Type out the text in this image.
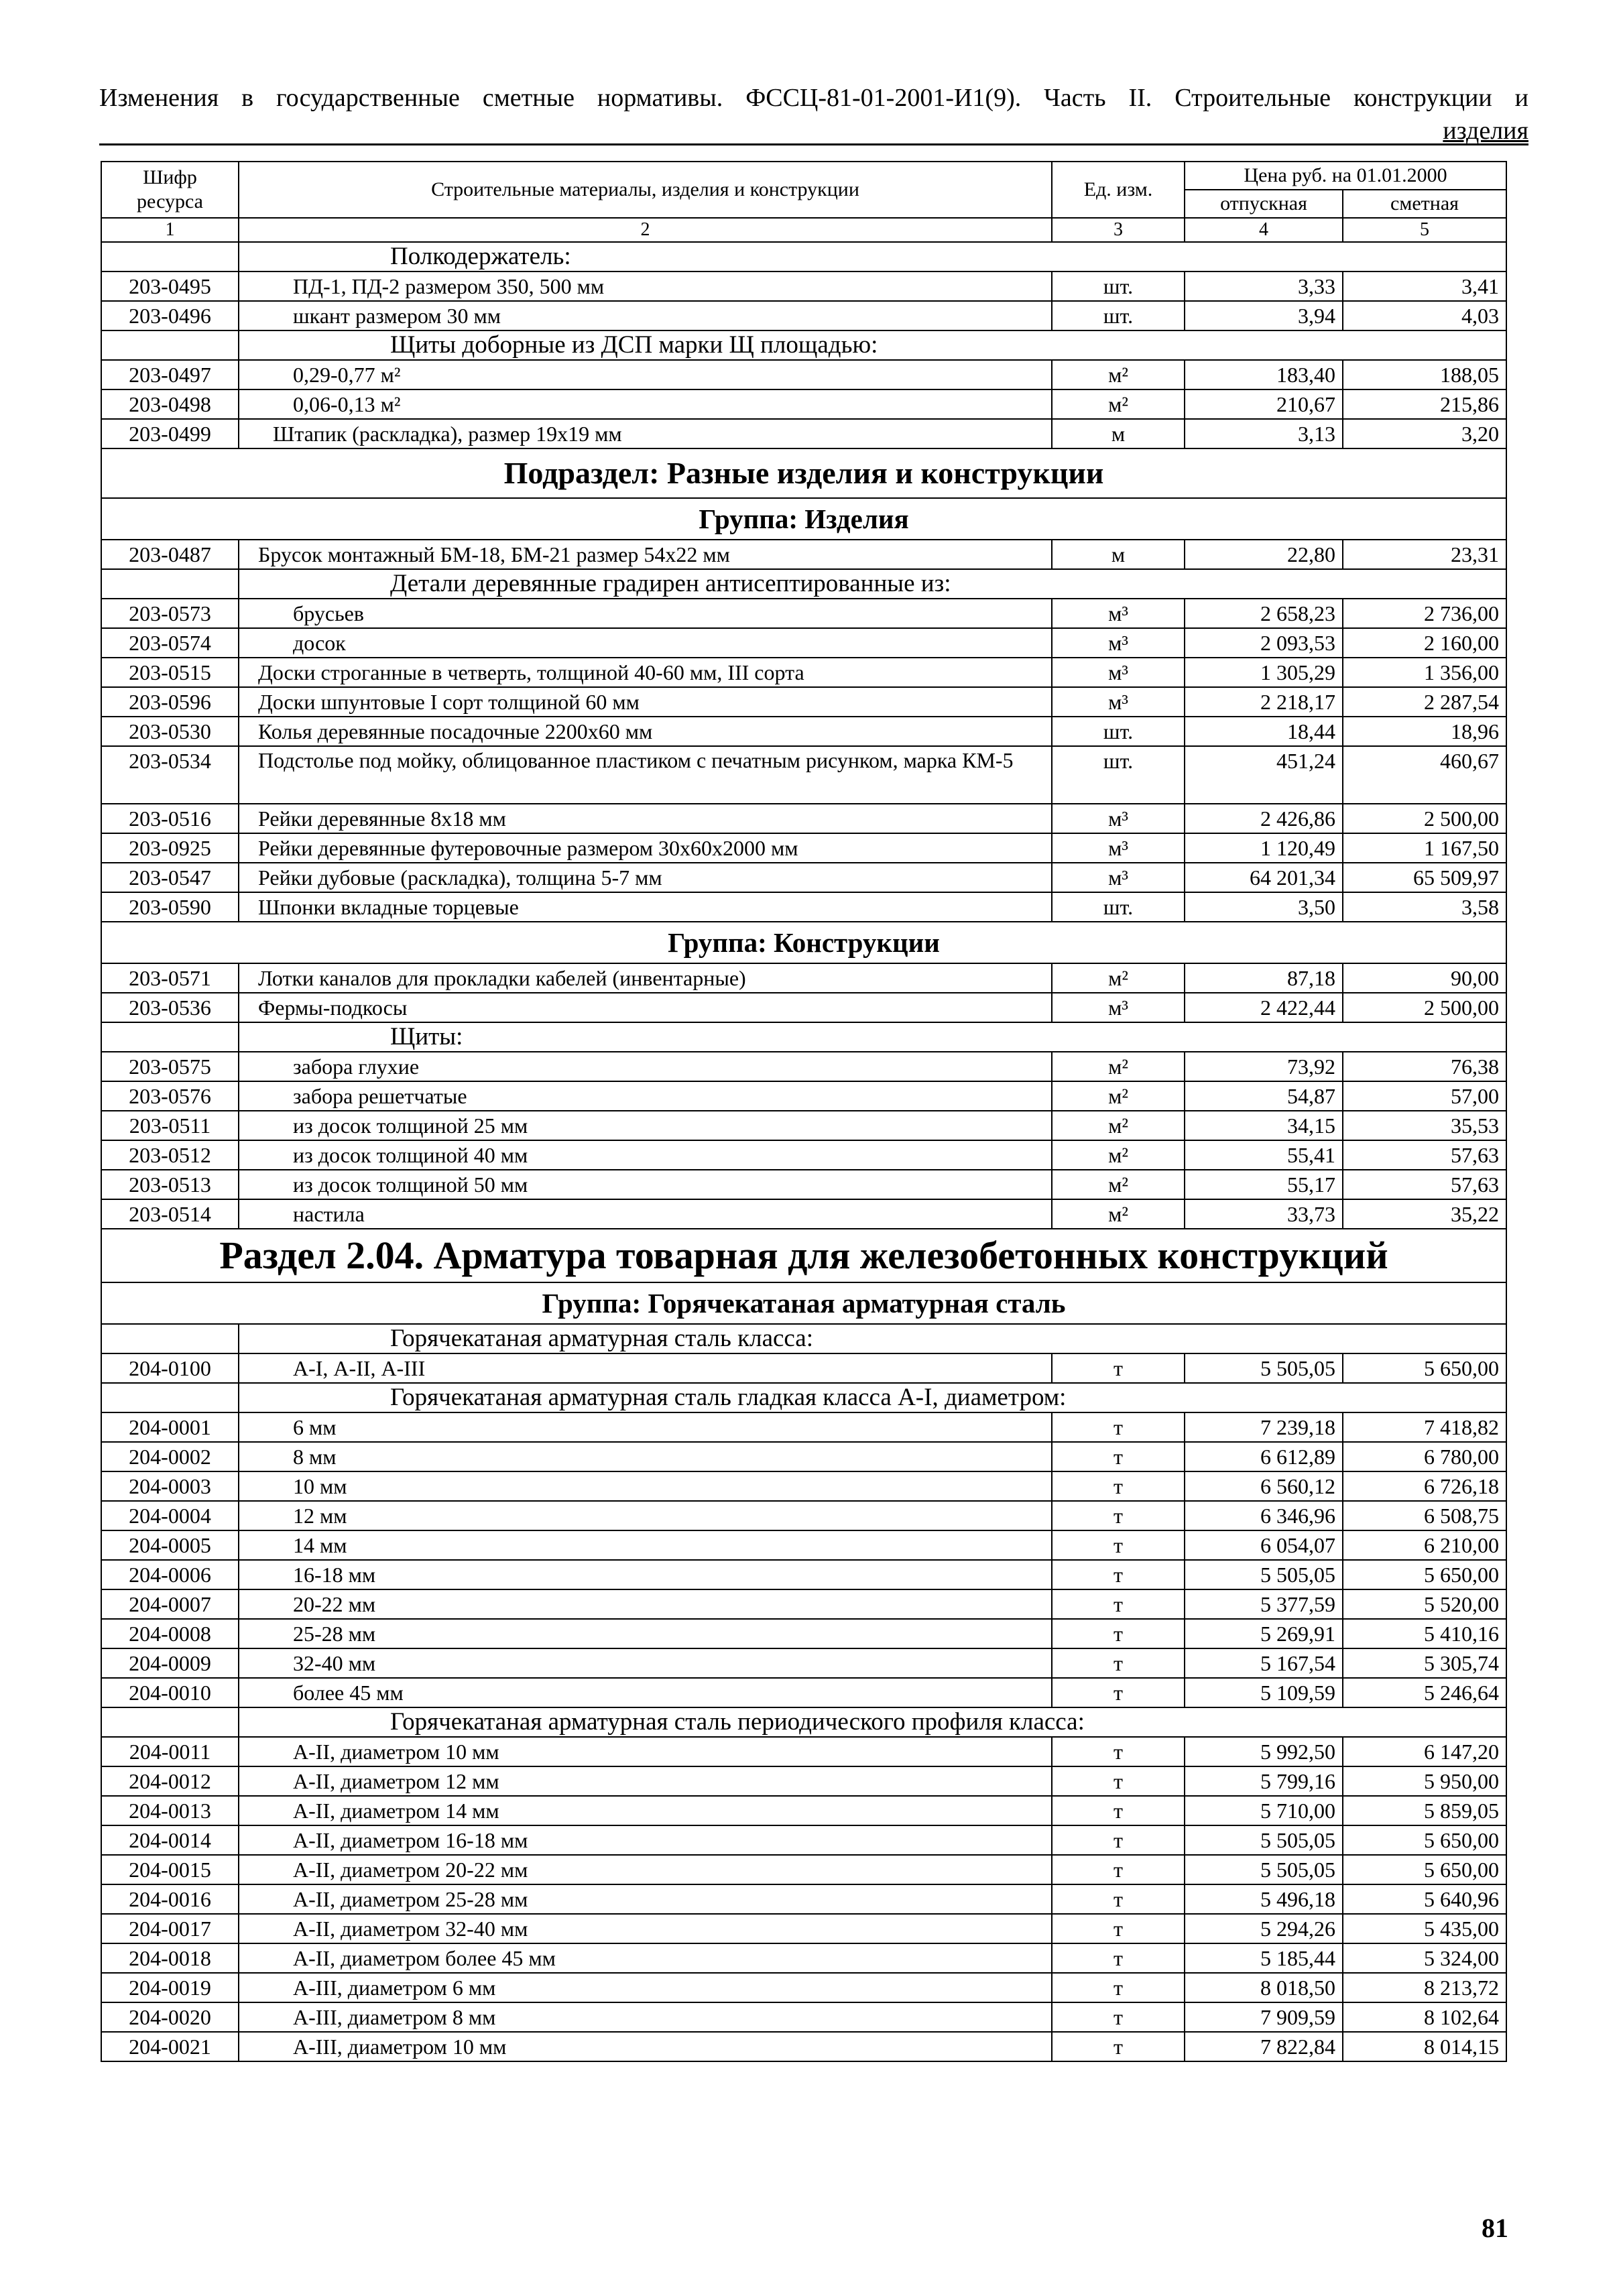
Изменения в государственные сметные нормативы. ФССЦ-81-01-2001-И1(9). Часть II. Строительные конструкции и
изделия
Шифр ресурса	Строительные материалы, изделия и конструкции	Ед. изм.	Цена руб. на 01.01.2000	
			отпускная	сметная
1	2	3	4	5
	Полкодержатель:			
203-0495	ПД-1, ПД-2 размером 350, 500 мм	шт.	3,33	3,41
203-0496	шкант размером 30 мм	шт.	3,94	4,03
	Щиты доборные из ДСП марки Щ площадью:			
203-0497	0,29-0,77 м²	м²	183,40	188,05
203-0498	0,06-0,13 м²	м²	210,67	215,86
203-0499	Штапик (раскладка), размер 19х19 мм	м	3,13	3,20
Подраздел: Разные изделия и конструкции				
Группа: Изделия				
203-0487	Брусок монтажный БМ-18, БМ-21 размер 54х22 мм	м	22,80	23,31
	Детали деревянные градирен антисептированные из:			
203-0573	брусьев	м³	2 658,23	2 736,00
203-0574	досок	м³	2 093,53	2 160,00
203-0515	Доски строганные в четверть, толщиной 40-60 мм, III сорта	м³	1 305,29	1 356,00
203-0596	Доски шпунтовые I сорт толщиной 60 мм	м³	2 218,17	2 287,54
203-0530	Колья деревянные посадочные 2200х60 мм	шт.	18,44	18,96
203-0534	Подстолье под мойку, облицованное пластиком с печатным рисунком, марка КМ-5	шт.	451,24	460,67
203-0516	Рейки деревянные 8х18 мм	м³	2 426,86	2 500,00
203-0925	Рейки деревянные футеровочные размером 30х60х2000 мм	м³	1 120,49	1 167,50
203-0547	Рейки дубовые (раскладка), толщина 5-7 мм	м³	64 201,34	65 509,97
203-0590	Шпонки вкладные торцевые	шт.	3,50	3,58
Группа: Конструкции				
203-0571	Лотки каналов для прокладки кабелей (инвентарные)	м²	87,18	90,00
203-0536	Фермы-подкосы	м³	2 422,44	2 500,00
	Щиты:			
203-0575	забора глухие	м²	73,92	76,38
203-0576	забора решетчатые	м²	54,87	57,00
203-0511	из досок толщиной 25 мм	м²	34,15	35,53
203-0512	из досок толщиной 40 мм	м²	55,41	57,63
203-0513	из досок толщиной 50 мм	м²	55,17	57,63
203-0514	настила	м²	33,73	35,22
Раздел 2.04. Арматура товарная для железобетонных конструкций				
Группа: Горячекатаная арматурная сталь				
	Горячекатаная арматурная сталь класса:			
204-0100	А-I, А-II, А-III	т	5 505,05	5 650,00
	Горячекатаная арматурная сталь гладкая класса А-I, диаметром:			
204-0001	6 мм	т	7 239,18	7 418,82
204-0002	8 мм	т	6 612,89	6 780,00
204-0003	10 мм	т	6 560,12	6 726,18
204-0004	12 мм	т	6 346,96	6 508,75
204-0005	14 мм	т	6 054,07	6 210,00
204-0006	16-18 мм	т	5 505,05	5 650,00
204-0007	20-22 мм	т	5 377,59	5 520,00
204-0008	25-28 мм	т	5 269,91	5 410,16
204-0009	32-40 мм	т	5 167,54	5 305,74
204-0010	более 45 мм	т	5 109,59	5 246,64
	Горячекатаная арматурная сталь периодического профиля класса:			
204-0011	А-II, диаметром 10 мм	т	5 992,50	6 147,20
204-0012	А-II, диаметром 12 мм	т	5 799,16	5 950,00
204-0013	А-II, диаметром 14 мм	т	5 710,00	5 859,05
204-0014	А-II, диаметром 16-18 мм	т	5 505,05	5 650,00
204-0015	А-II, диаметром 20-22 мм	т	5 505,05	5 650,00
204-0016	А-II, диаметром 25-28 мм	т	5 496,18	5 640,96
204-0017	А-II, диаметром 32-40 мм	т	5 294,26	5 435,00
204-0018	А-II, диаметром более 45 мм	т	5 185,44	5 324,00
204-0019	А-III, диаметром 6 мм	т	8 018,50	8 213,72
204-0020	А-III, диаметром 8 мм	т	7 909,59	8 102,64
204-0021	А-III, диаметром 10 мм	т	7 822,84	8 014,15
81
